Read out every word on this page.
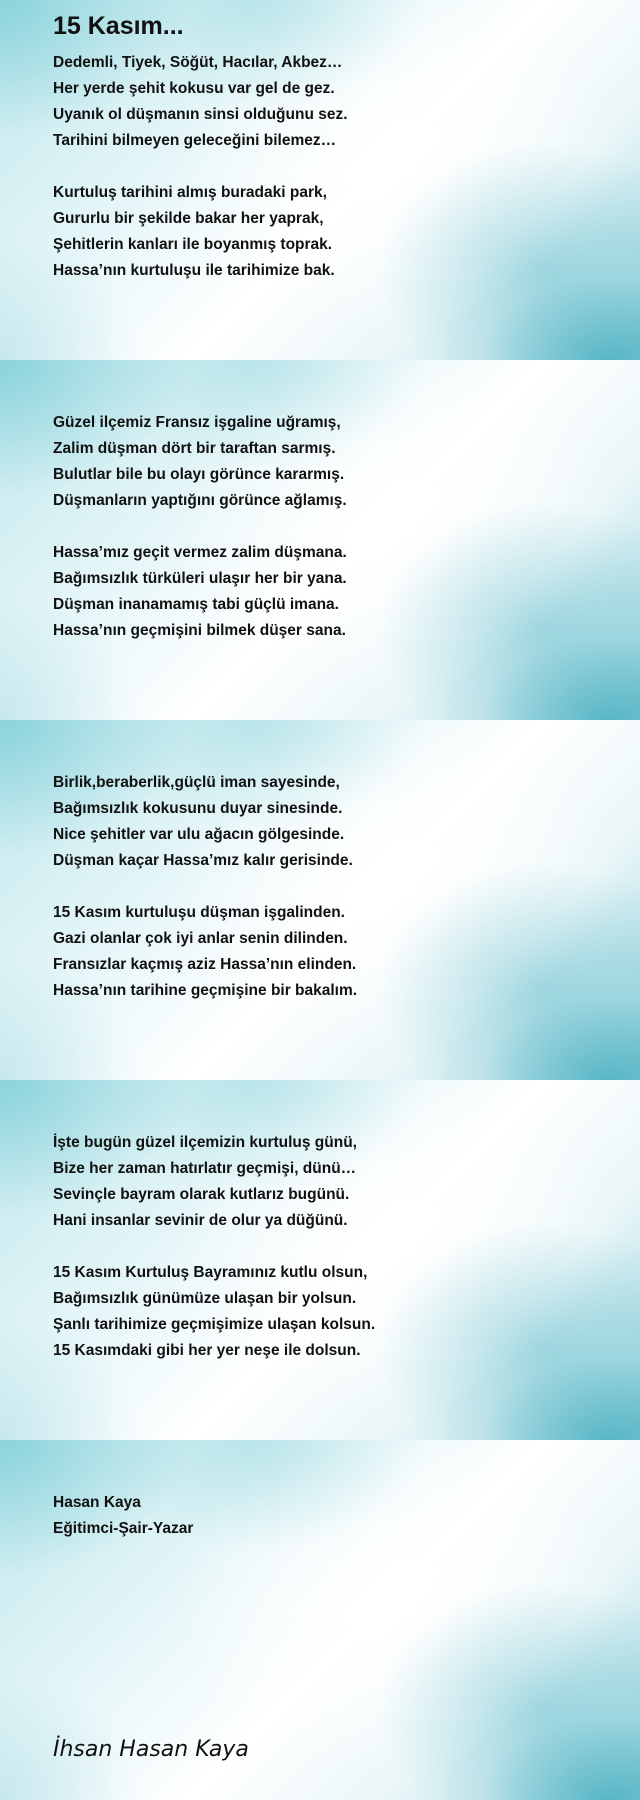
15 Kasım...
Dedemli, Tiyek, Söğüt, Hacılar, Akbez…
Her yerde şehit kokusu var gel de gez.
Uyanık ol düşmanın sinsi olduğunu sez.
Tarihini bilmeyen geleceğini bilemez…
Kurtuluş tarihini almış buradaki park,
Gururlu bir şekilde bakar her yaprak,
Şehitlerin kanları ile boyanmış toprak.
Hassa’nın kurtuluşu ile tarihimize bak.
Güzel ilçemiz Fransız işgaline uğramış,
Zalim düşman dört bir taraftan sarmış.
Bulutlar bile bu olayı görünce kararmış.
Düşmanların yaptığını görünce ağlamış.
Hassa’mız geçit vermez zalim düşmana.
Bağımsızlık türküleri ulaşır her bir yana.
Düşman inanamamış tabi güçlü imana.
Hassa’nın geçmişini bilmek düşer sana.
Birlik,beraberlik,güçlü iman sayesinde,
Bağımsızlık kokusunu duyar sinesinde.
Nice şehitler var ulu ağacın gölgesinde.
Düşman kaçar Hassa’mız kalır gerisinde.
15 Kasım kurtuluşu düşman işgalinden.
Gazi olanlar çok iyi anlar senin dilinden.
Fransızlar kaçmış aziz Hassa’nın elinden.
Hassa’nın tarihine geçmişine bir bakalım.
İşte bugün güzel ilçemizin kurtuluş günü,
Bize her zaman hatırlatır geçmişi, dünü…
Sevinçle bayram olarak kutlarız bugünü.
Hani insanlar sevinir de olur ya düğünü.
15 Kasım Kurtuluş Bayramınız kutlu olsun,
Bağımsızlık günümüze ulaşan bir yolsun.
Şanlı tarihimize geçmişimize ulaşan kolsun.
15 Kasımdaki gibi her yer neşe ile dolsun.
Hasan Kaya
Eğitimci-Şair-Yazar
İhsan Hasan Kaya
